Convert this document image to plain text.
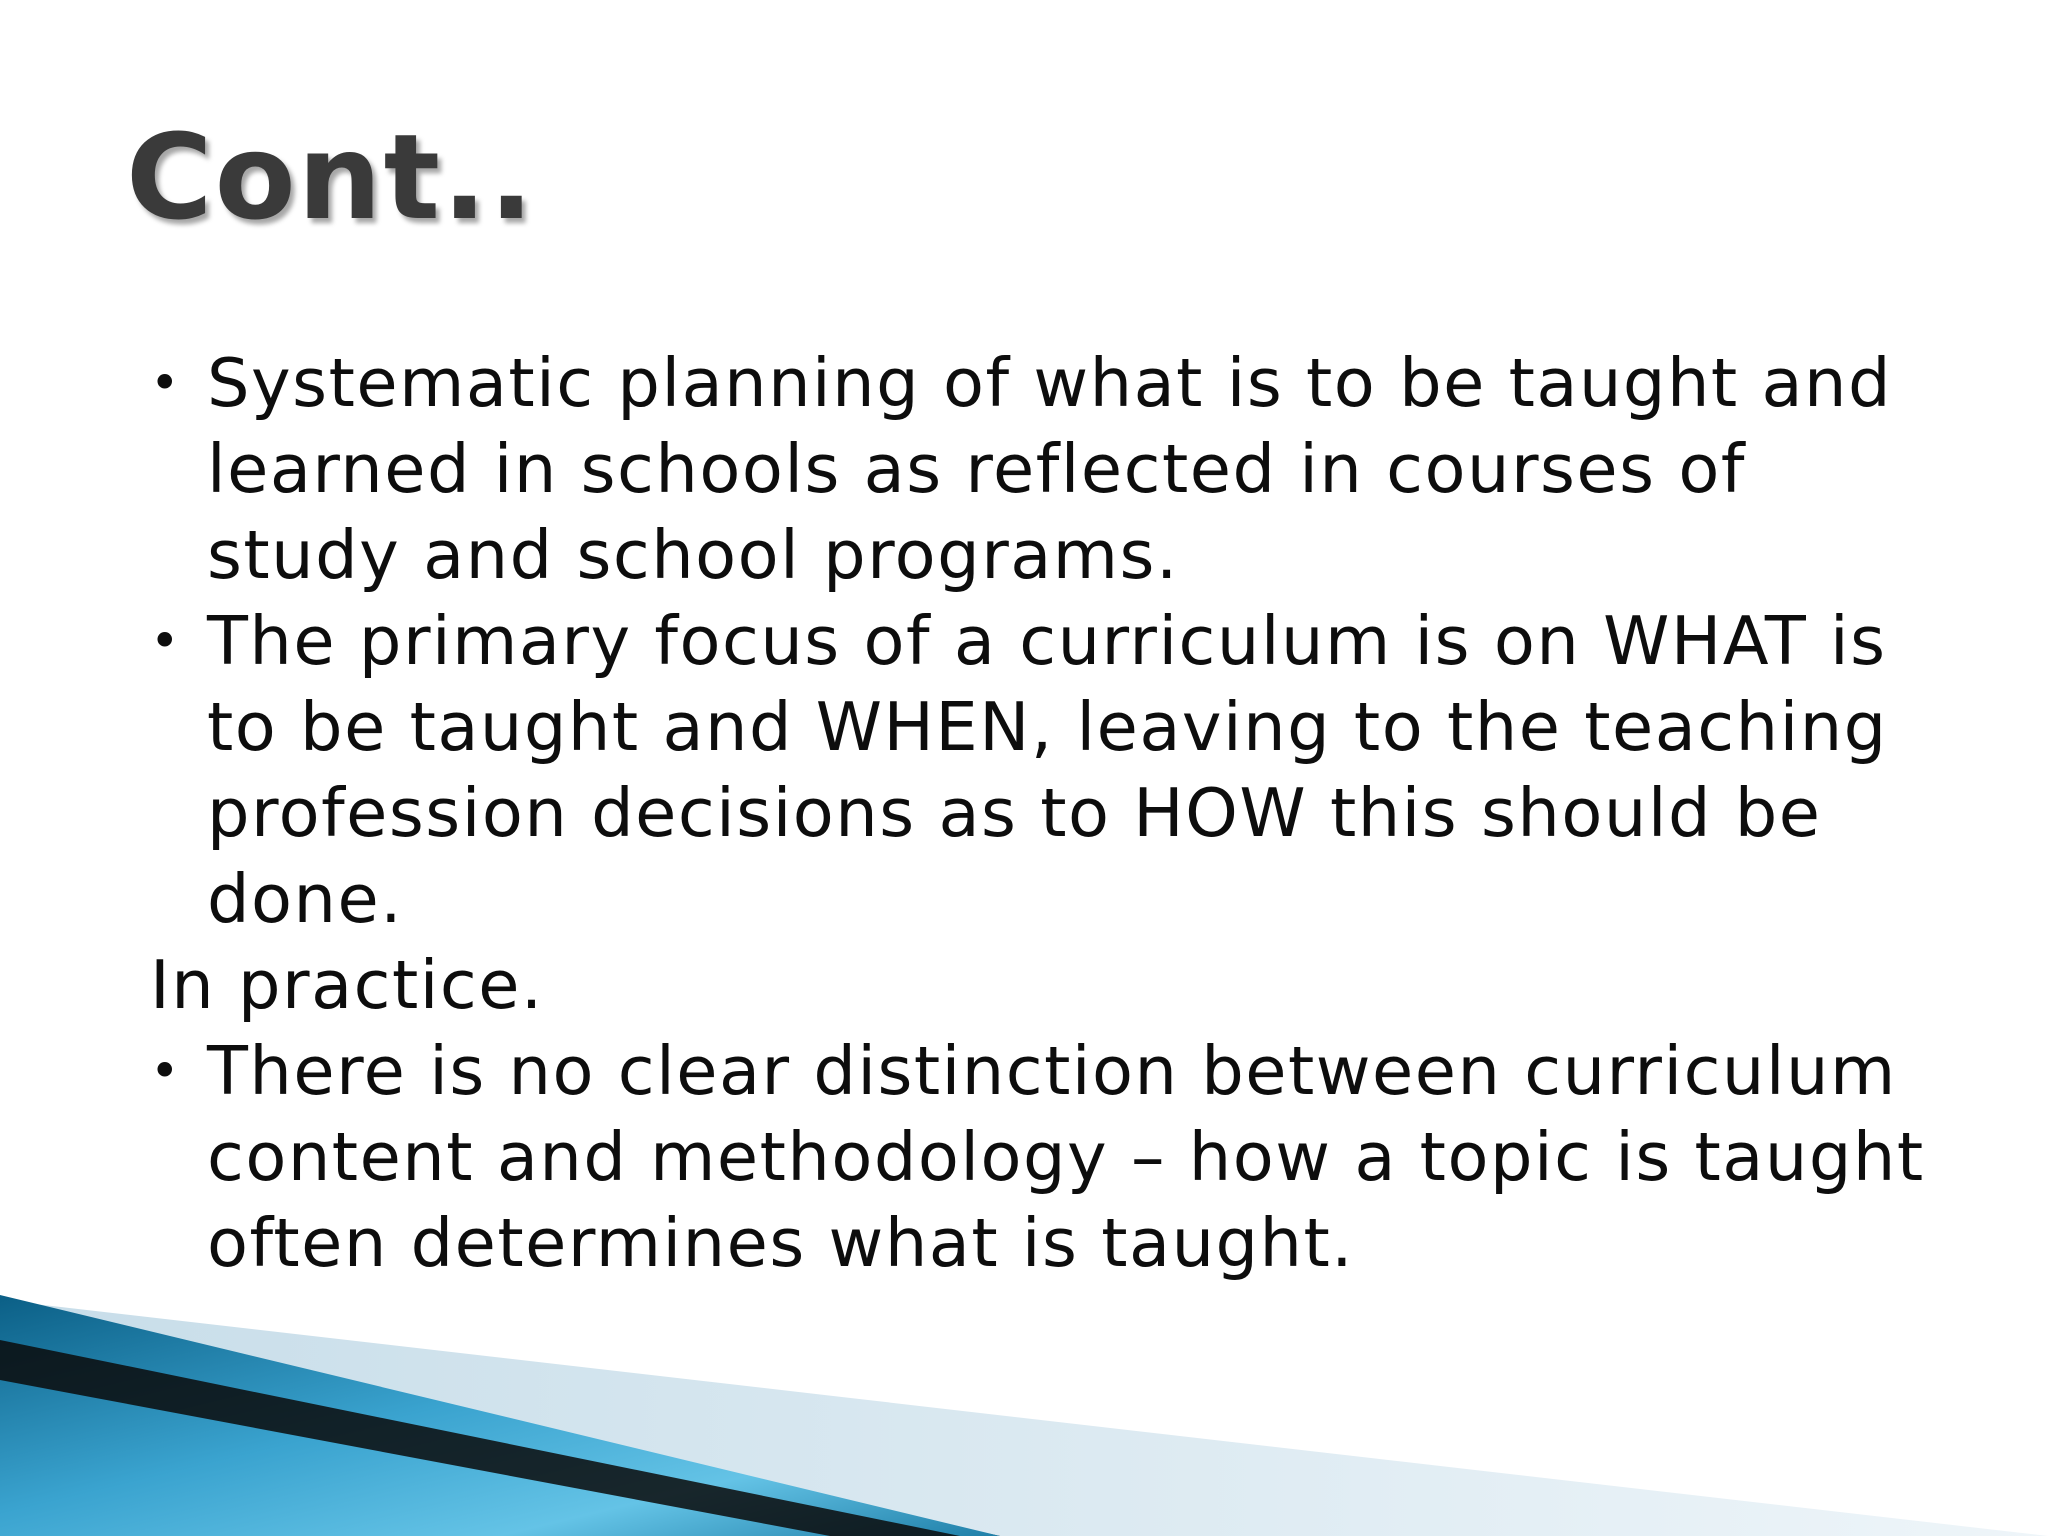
Cont..

• Systematic planning of what is to be taught and learned in schools as reflected in courses of study and school programs.

• The primary focus of a curriculum is on WHAT is to be taught and WHEN, leaving to the teaching profession decisions as to HOW this should be done.

In practice.

• There is no clear distinction between curriculum content and methodology – how a topic is taught often determines what is taught.
